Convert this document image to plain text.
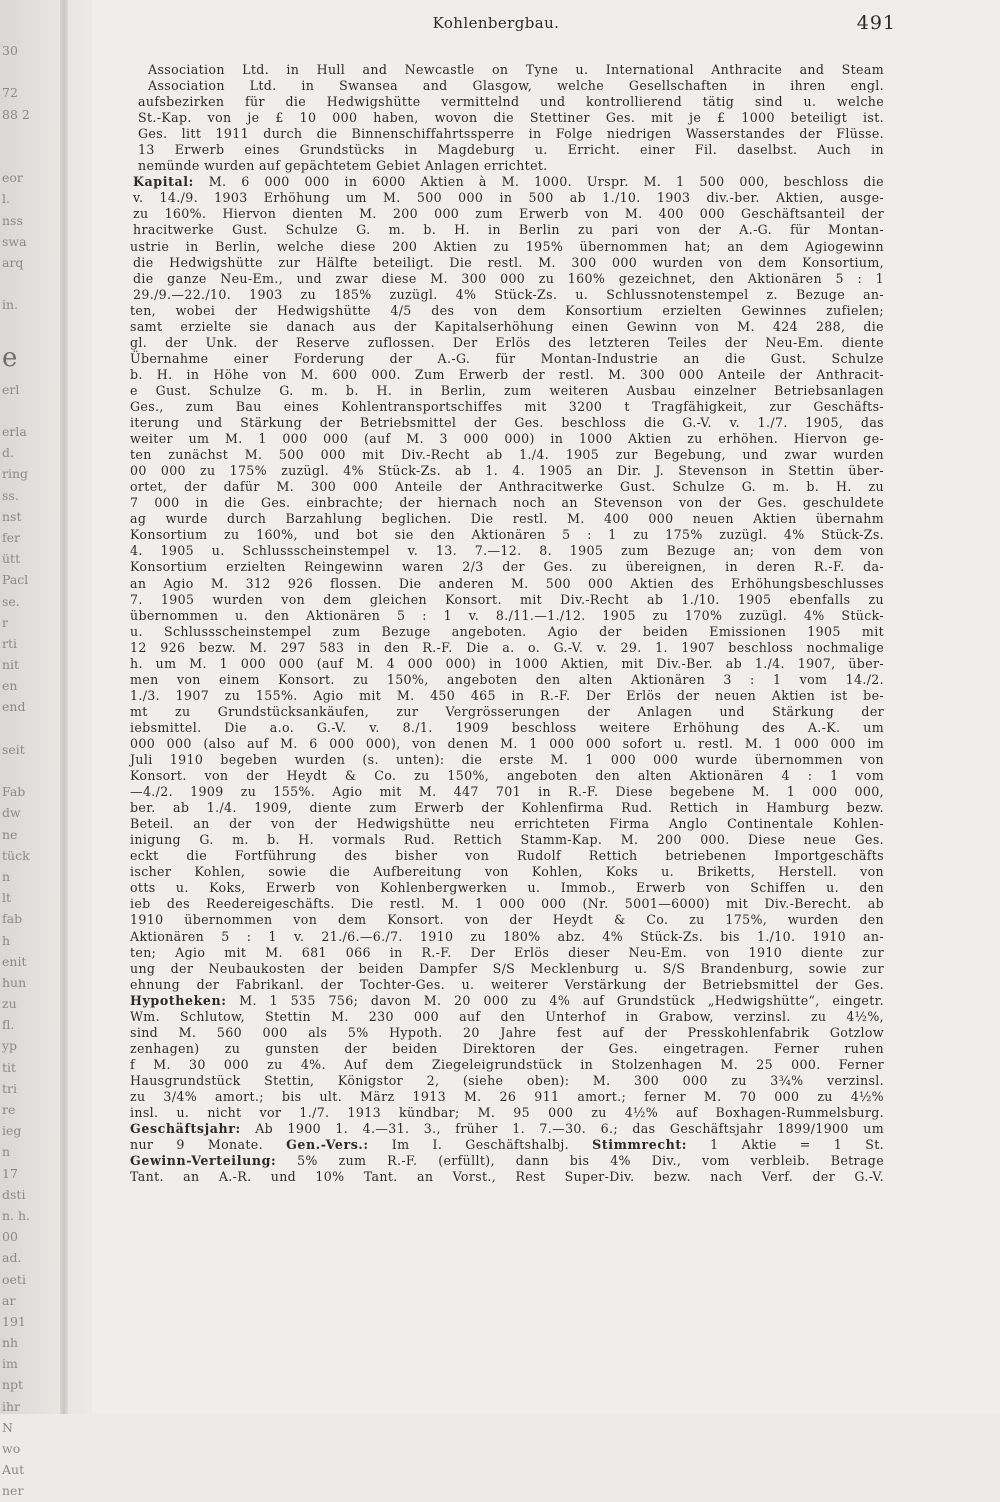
30
72
88 2
eor
l.
nss
swa
arq
in.
e
erl
erla
d.
ring
ss.
nst
fer
ütt
Pacl
se.
r
rti
nit
en
end
seit
Fab
dw
ne
tück
n
lt
fab
h
enit
hun
zu
fl.
yp
tit
tri
re
ieg
n
17
dsti
n. h.
00
ad.
oeti
ar
191
nh
im
npt
ihr
N
wo
Aut
ner
Kohlenbergbau.	491
Association Ltd. in Hull and Newcastle on Tyne u. International Anthracite and Steam
Association Ltd. in Swansea and Glasgow, welche Gesellschaften in ihren engl.
aufsbezirken für die Hedwigshütte vermittelnd und kontrollierend tätig sind u. welche
St.-Kap. von je £ 10 000 haben, wovon die Stettiner Ges. mit je £ 1000 beteiligt ist.
Ges. litt 1911 durch die Binnenschiffahrtssperre in Folge niedrigen Wasserstandes der Flüsse.
13 Erwerb eines Grundstücks in Magdeburg u. Erricht. einer Fil. daselbst. Auch in
nemünde wurden auf gepächtetem Gebiet Anlagen errichtet.
Kapital: M. 6 000 000 in 6000 Aktien à M. 1000. Urspr. M. 1 500 000, beschloss die
v. 14./9. 1903 Erhöhung um M. 500 000 in 500 ab 1./10. 1903 div.-ber. Aktien, ausge-
zu 160%. Hiervon dienten M. 200 000 zum Erwerb von M. 400 000 Geschäftsanteil der
hracitwerke Gust. Schulze G. m. b. H. in Berlin zu pari von der A.-G. für Montan-
ustrie in Berlin, welche diese 200 Aktien zu 195% übernommen hat; an dem Agiogewinn
die Hedwigshütte zur Hälfte beteiligt. Die restl. M. 300 000 wurden von dem Konsortium,
die ganze Neu-Em., und zwar diese M. 300 000 zu 160% gezeichnet, den Aktionären 5 : 1
29./9.—22./10. 1903 zu 185% zuzügl. 4% Stück-Zs. u. Schlussnotenstempel z. Bezuge an-
ten, wobei der Hedwigshütte 4/5 des von dem Konsortium erzielten Gewinnes zufielen;
samt erzielte sie danach aus der Kapitalserhöhung einen Gewinn von M. 424 288, die
gl. der Unk. der Reserve zuflossen. Der Erlös des letzteren Teiles der Neu-Em. diente
Übernahme einer Forderung der A.-G. für Montan-Industrie an die Gust. Schulze
b. H. in Höhe von M. 600 000. Zum Erwerb der restl. M. 300 000 Anteile der Anthracit-
e Gust. Schulze G. m. b. H. in Berlin, zum weiteren Ausbau einzelner Betriebsanlagen
Ges., zum Bau eines Kohlentransportschiffes mit 3200 t Tragfähigkeit, zur Geschäfts-
iterung und Stärkung der Betriebsmittel der Ges. beschloss die G.-V. v. 1./7. 1905, das
weiter um M. 1 000 000 (auf M. 3 000 000) in 1000 Aktien zu erhöhen. Hiervon ge-
ten zunächst M. 500 000 mit Div.-Recht ab 1./4. 1905 zur Begebung, und zwar wurden
00 000 zu 175% zuzügl. 4% Stück-Zs. ab 1. 4. 1905 an Dir. J. Stevenson in Stettin über-
ortet, der dafür M. 300 000 Anteile der Anthracitwerke Gust. Schulze G. m. b. H. zu
7 000 in die Ges. einbrachte; der hiernach noch an Stevenson von der Ges. geschuldete
ag wurde durch Barzahlung beglichen. Die restl. M. 400 000 neuen Aktien übernahm
Konsortium zu 160%, und bot sie den Aktionären 5 : 1 zu 175% zuzügl. 4% Stück-Zs.
4. 1905 u. Schlussscheinstempel v. 13. 7.—12. 8. 1905 zum Bezuge an; von dem von
Konsortium erzielten Reingewinn waren 2/3 der Ges. zu übereignen, in deren R.-F. da-
an Agio M. 312 926 flossen. Die anderen M. 500 000 Aktien des Erhöhungsbeschlusses
7. 1905 wurden von dem gleichen Konsort. mit Div.-Recht ab 1./10. 1905 ebenfalls zu
übernommen u. den Aktionären 5 : 1 v. 8./11.—1./12. 1905 zu 170% zuzügl. 4% Stück-
u. Schlussscheinstempel zum Bezuge angeboten. Agio der beiden Emissionen 1905 mit
12 926 bezw. M. 297 583 in den R.-F. Die a. o. G.-V. v. 29. 1. 1907 beschloss nochmalige
h. um M. 1 000 000 (auf M. 4 000 000) in 1000 Aktien, mit Div.-Ber. ab 1./4. 1907, über-
men von einem Konsort. zu 150%, angeboten den alten Aktionären 3 : 1 vom 14./2.
1./3. 1907 zu 155%. Agio mit M. 450 465 in R.-F. Der Erlös der neuen Aktien ist be-
mt zu Grundstücksankäufen, zur Vergrösserungen der Anlagen und Stärkung der
iebsmittel. Die a.o. G.-V. v. 8./1. 1909 beschloss weitere Erhöhung des A.-K. um
000 000 (also auf M. 6 000 000), von denen M. 1 000 000 sofort u. restl. M. 1 000 000 im
Juli 1910 begeben wurden (s. unten): die erste M. 1 000 000 wurde übernommen von
Konsort. von der Heydt & Co. zu 150%, angeboten den alten Aktionären 4 : 1 vom
—4./2. 1909 zu 155%. Agio mit M. 447 701 in R.-F. Diese begebene M. 1 000 000,
ber. ab 1./4. 1909, diente zum Erwerb der Kohlenfirma Rud. Rettich in Hamburg bezw.
Beteil. an der von der Hedwigshütte neu errichteten Firma Anglo Continentale Kohlen-
inigung G. m. b. H. vormals Rud. Rettich Stamm-Kap. M. 200 000. Diese neue Ges.
eckt die Fortführung des bisher von Rudolf Rettich betriebenen Importgeschäfts
ischer Kohlen, sowie die Aufbereitung von Kohlen, Koks u. Briketts, Herstell. von
otts u. Koks, Erwerb von Kohlenbergwerken u. Immob., Erwerb von Schiffen u. den
ieb des Reedereigeschäfts. Die restl. M. 1 000 000 (Nr. 5001—6000) mit Div.-Berecht. ab
1910 übernommen von dem Konsort. von der Heydt & Co. zu 175%, wurden den
Aktionären 5 : 1 v. 21./6.—6./7. 1910 zu 180% abz. 4% Stück-Zs. bis 1./10. 1910 an-
ten; Agio mit M. 681 066 in R.-F. Der Erlös dieser Neu-Em. von 1910 diente zur
ung der Neubaukosten der beiden Dampfer S/S Mecklenburg u. S/S Brandenburg, sowie zur
ehnung der Fabrikanl. der Tochter-Ges. u. weiterer Verstärkung der Betriebsmittel der Ges.
Hypotheken: M. 1 535 756; davon M. 20 000 zu 4% auf Grundstück „Hedwigshütte“, eingetr.
Wm. Schlutow, Stettin M. 230 000 auf den Unterhof in Grabow, verzinsl. zu 4½%,
sind M. 560 000 als 5% Hypoth. 20 Jahre fest auf der Presskohlenfabrik Gotzlow
zenhagen) zu gunsten der beiden Direktoren der Ges. eingetragen. Ferner ruhen
f M. 30 000 zu 4%. Auf dem Ziegeleigrundstück in Stolzenhagen M. 25 000. Ferner
Hausgrundstück Stettin, Königstor 2, (siehe oben): M. 300 000 zu 3¾% verzinsl.
zu 3/4% amort.; bis ult. März 1913 M. 26 911 amort.; ferner M. 70 000 zu 4½%
insl. u. nicht vor 1./7. 1913 kündbar; M. 95 000 zu 4½% auf Boxhagen-Rummelsburg.
Geschäftsjahr: Ab 1900 1. 4.—31. 3., früher 1. 7.—30. 6.; das Geschäftsjahr 1899/1900 um
nur 9 Monate. Gen.-Vers.: Im I. Geschäftshalbj. Stimmrecht: 1 Aktie = 1 St.
Gewinn-Verteilung: 5% zum R.-F. (erfüllt), dann bis 4% Div., vom verbleib. Betrage
Tant. an A.-R. und 10% Tant. an Vorst., Rest Super-Div. bezw. nach Verf. der G.-V.
